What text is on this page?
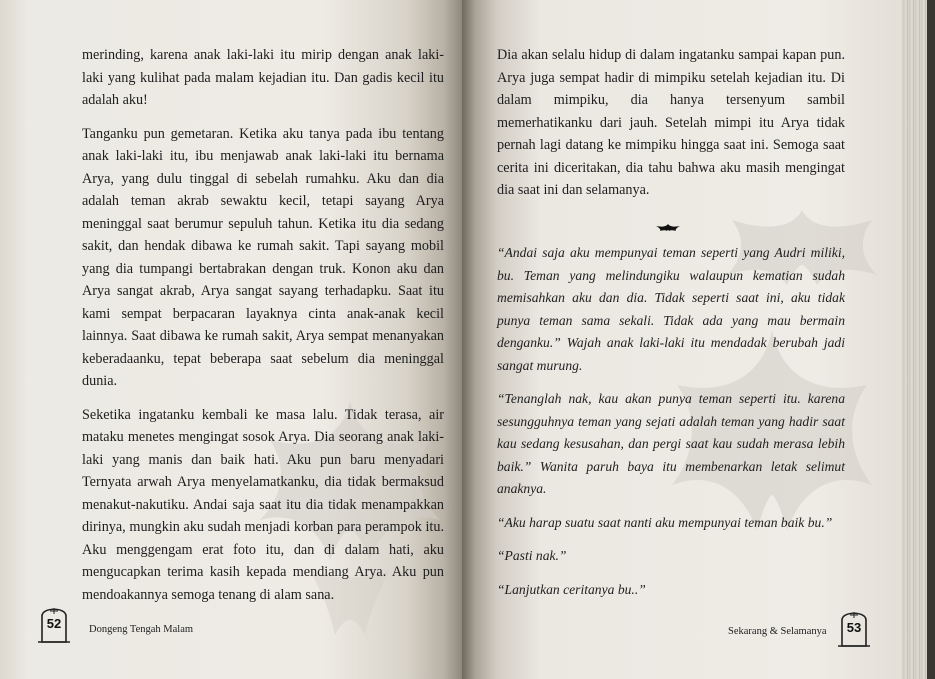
merinding, karena anak laki-laki itu mirip dengan anak laki-laki yang kulihat pada malam kejadian itu. Dan gadis kecil itu adalah aku!

Tanganku pun gemetaran. Ketika aku tanya pada ibu tentang anak laki-laki itu, ibu menjawab anak laki-laki itu bernama Arya, yang dulu tinggal di sebelah rumahku. Aku dan dia adalah teman akrab sewaktu kecil, tetapi sayang Arya meninggal saat berumur sepuluh tahun. Ketika itu dia sedang sakit, dan hendak dibawa ke rumah sakit. Tapi sayang mobil yang dia tumpangi bertabrakan dengan truk. Konon aku dan Arya sangat akrab, Arya sangat sayang terhadapku. Saat itu kami sempat berpacaran layaknya cinta anak-anak kecil lainnya. Saat dibawa ke rumah sakit, Arya sempat menanyakan keberadaanku, tepat beberapa saat sebelum dia meninggal dunia.

Seketika ingatanku kembali ke masa lalu. Tidak terasa, air mataku menetes mengingat sosok Arya. Dia seorang anak laki-laki yang manis dan baik hati. Aku pun baru menyadari Ternyata arwah Arya menyelamatkanku, dia tidak bermaksud menakut-nakutiku. Andai saja saat itu dia tidak menampakkan dirinya, mungkin aku sudah menjadi korban para perampok itu. Aku menggengam erat foto itu, dan di dalam hati, aku mengucapkan terima kasih kepada mendiang Arya. Aku pun mendoakannya semoga tenang di alam sana.

52	Dongeng Tengah Malam	53

Dia akan selalu hidup di dalam ingatanku sampai kapan pun. Arya juga sempat hadir di mimpiku setelah kejadian itu. Di dalam mimpiku, dia hanya tersenyum sambil memerhatikanku dari jauh. Setelah mimpi itu Arya tidak pernah lagi datang ke mimpiku hingga saat ini. Semoga saat cerita ini diceritakan, dia tahu bahwa aku masih mengingat dia saat ini dan selamanya.

“Andai saja aku mempunyai teman seperti yang Audri miliki, bu. Teman yang melindungiku walaupun kematian sudah memisahkan aku dan dia. Tidak seperti saat ini, aku tidak punya teman sama sekali. Tidak ada yang mau bermain denganku.” Wajah anak laki-laki itu mendadak berubah jadi sangat murung.

“Tenanglah nak, kau akan punya teman seperti itu. karena sesungguhnya teman yang sejati adalah teman yang hadir saat kau sedang kesusahan, dan pergi saat kau sudah merasa lebih baik.” Wanita paruh baya itu membenarkan letak selimut anaknya.

“Aku harap suatu saat nanti aku mempunyai teman baik bu.”

“Pasti nak.”

“Lanjutkan ceritanya bu..”

Sekarang & Selamanya
